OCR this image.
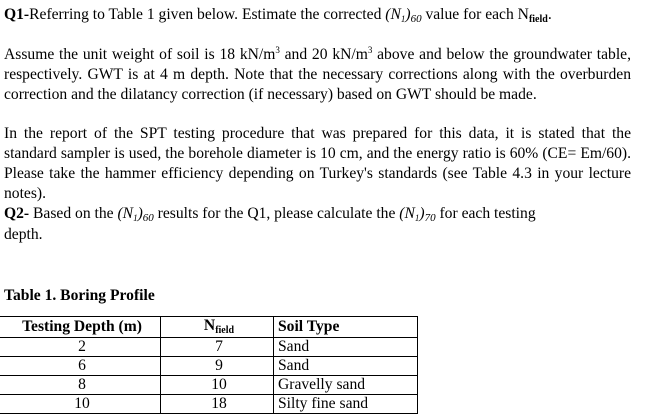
Q1-Referring to Table 1 given below. Estimate the corrected (N1)60 value for each Nfield.

Assume the unit weight of soil is 18 $kN/m^3$ and 20 $kN/m^3$ above and below the groundwater table, respectively. GWT is at 4 m depth. Note that the necessary corrections along with the overburden correction and the dilatancy correction (if necessary) based on GWT should be made.

In the report of the SPT testing procedure that was prepared for this data, it is stated that the standard sampler is used, the borehole diameter is 10 cm, and the energy ratio is 60% (CE= Em/60). Please take the hammer efficiency depending on Turkey's standards (see Table 4.3 in your lecture notes).

Q2- Based on the (N1)60 results for the Q1, please calculate the (N1)70 for each testing depth.

Table 1. Boring Profile
Testing Depth (m)	Nfield	Soil Type
2	7	Sand
6	9	Sand
8	10	Gravelly sand
10	18	Silty fine sand
